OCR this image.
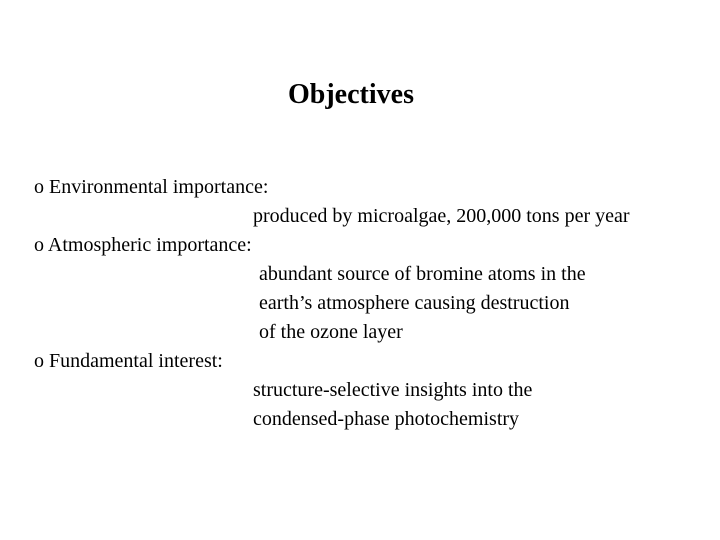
Objectives
o Environmental importance:
produced by microalgae, 200,000 tons per year
o Atmospheric importance:
abundant source of bromine atoms in the
earth’s atmosphere causing destruction
of the ozone layer
o Fundamental interest:
structure-selective insights into the
condensed-phase photochemistry
